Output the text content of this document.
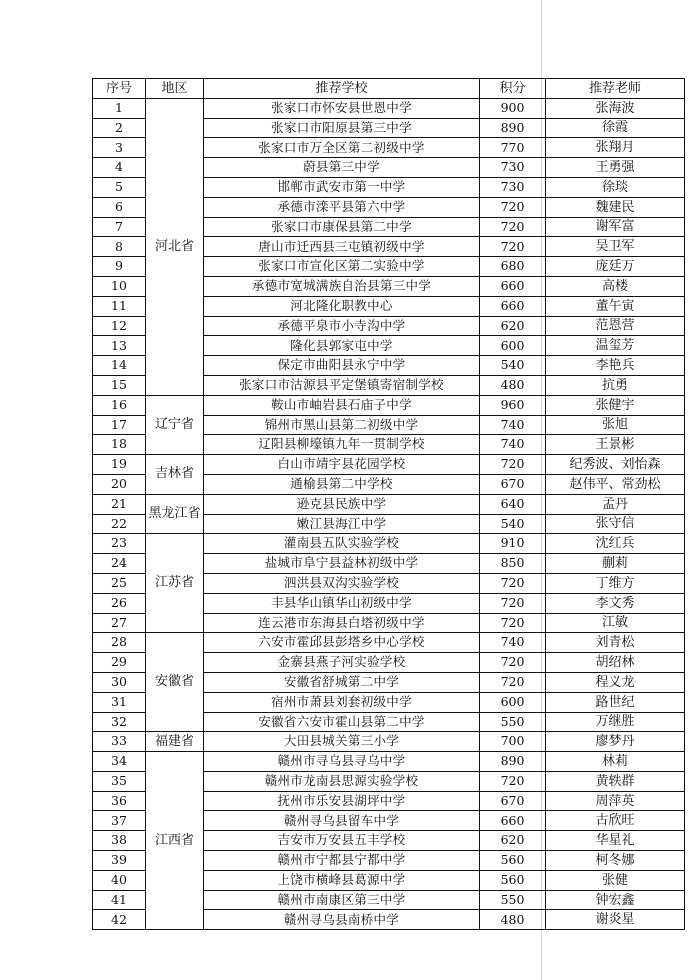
序号	地区	推荐学校	积分	推荐老师
1	河北省	张家口市怀安县世恩中学	900	张海波
2		张家口市阳原县第三中学	890	徐霞
3		张家口市万全区第二初级中学	770	张翔月
4		蔚县第三中学	730	王勇强
5		邯郸市武安市第一中学	730	徐琰
6		承德市滦平县第六中学	720	魏建民
7		张家口市康保县第二中学	720	谢军富
8		唐山市迁西县三屯镇初级中学	720	吴卫军
9		张家口市宣化区第二实验中学	680	庞廷万
10		承德市宽城满族自治县第三中学	660	高楼
11		河北隆化职教中心	660	董午寅
12		承德平泉市小寺沟中学	620	范恩营
13		隆化县郭家屯中学	600	温玺芳
14		保定市曲阳县永宁中学	540	李艳兵
15		张家口市沽源县平定堡镇寄宿制学校	480	抗勇
16	辽宁省	鞍山市岫岩县石庙子中学	960	张健宇
17		锦州市黑山县第二初级中学	740	张旭
18		辽阳县柳壕镇九年一贯制学校	740	王景彬
19	吉林省	白山市靖宇县花园学校	720	纪秀波、刘怡森
20		通榆县第二中学校	670	赵伟平、常劲松
21	黑龙江省	逊克县民族中学	640	孟丹
22		嫩江县海江中学	540	张守信
23	江苏省	灌南县五队实验学校	910	沈红兵
24		盐城市阜宁县益林初级中学	850	蒯莉
25		泗洪县双沟实验学校	720	丁维方
26		丰县华山镇华山初级中学	720	李文秀
27		连云港市东海县白塔初级中学	720	江敏
28	安徽省	六安市霍邱县彭塔乡中心学校	740	刘青松
29		金寨县燕子河实验学校	720	胡绍林
30		安徽省舒城第二中学	720	程义龙
31		宿州市萧县刘套初级中学	600	路世纪
32		安徽省六安市霍山县第二中学	550	万继胜
33	福建省	大田县城关第三小学	700	廖梦丹
34	江西省	赣州市寻乌县寻乌中学	890	林莉
35		赣州市龙南县思源实验学校	720	黄轶群
36		抚州市乐安县湖坪中学	670	周萍英
37		赣州寻乌县留车中学	660	古欣旺
38		吉安市万安县五丰学校	620	华星礼
39		赣州市宁都县宁都中学	560	柯冬娜
40		上饶市横峰县葛源中学	560	张健
41		赣州市南康区第三中学	550	钟宏鑫
42		赣州寻乌县南桥中学	480	谢炎星
